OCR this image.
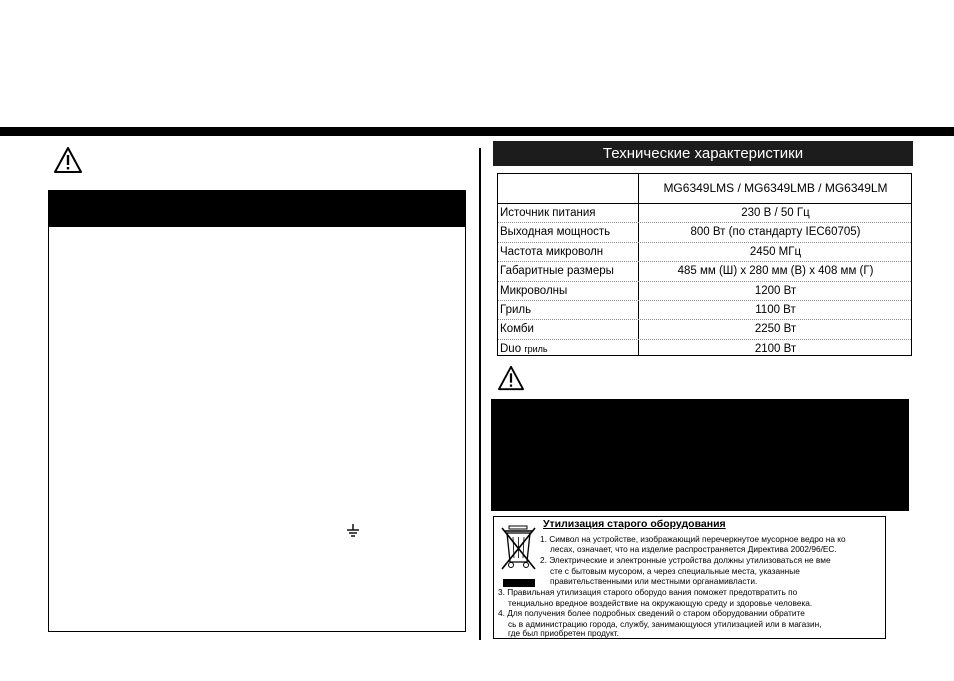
Технические характеристики
MG6349LMS / MG6349LMB / MG6349LM
Источник питания	230 В / 50 Гц
Выходная мощность	800 Вт (по стандарту IEC60705)
Частота микроволн	2450 МГц
Габаритные размеры	485 мм (Ш) x 280 мм (В) x 408 мм (Г)
Микроволны	1200 Вт
Гриль	1100 Вт
Комби	2250 Вт
Duo гриль	2100 Вт
Утилизация старого оборудования
1. Символ на устройстве, изображающий перечеркнутое мусорное ведро на ко
лесах, означает, что на изделие распространяется Директива 2002/96/EC.
2. Электрические и электронные устройства должны утилизоваться не вме
сте с бытовым мусором, а через специальные места, указанные
правительственными или местными органамивласти.
3. Правильная утилизация старого оборудо вания поможет предотвратить по
тенциально вредное воздействие на окружающую среду и здоровье человека.
4. Для получения более подробных сведений о старом оборудовании обратите
сь в администрацию города, службу, занимающуюся утилизацией или в магазин,
где был приобретен продукт.
